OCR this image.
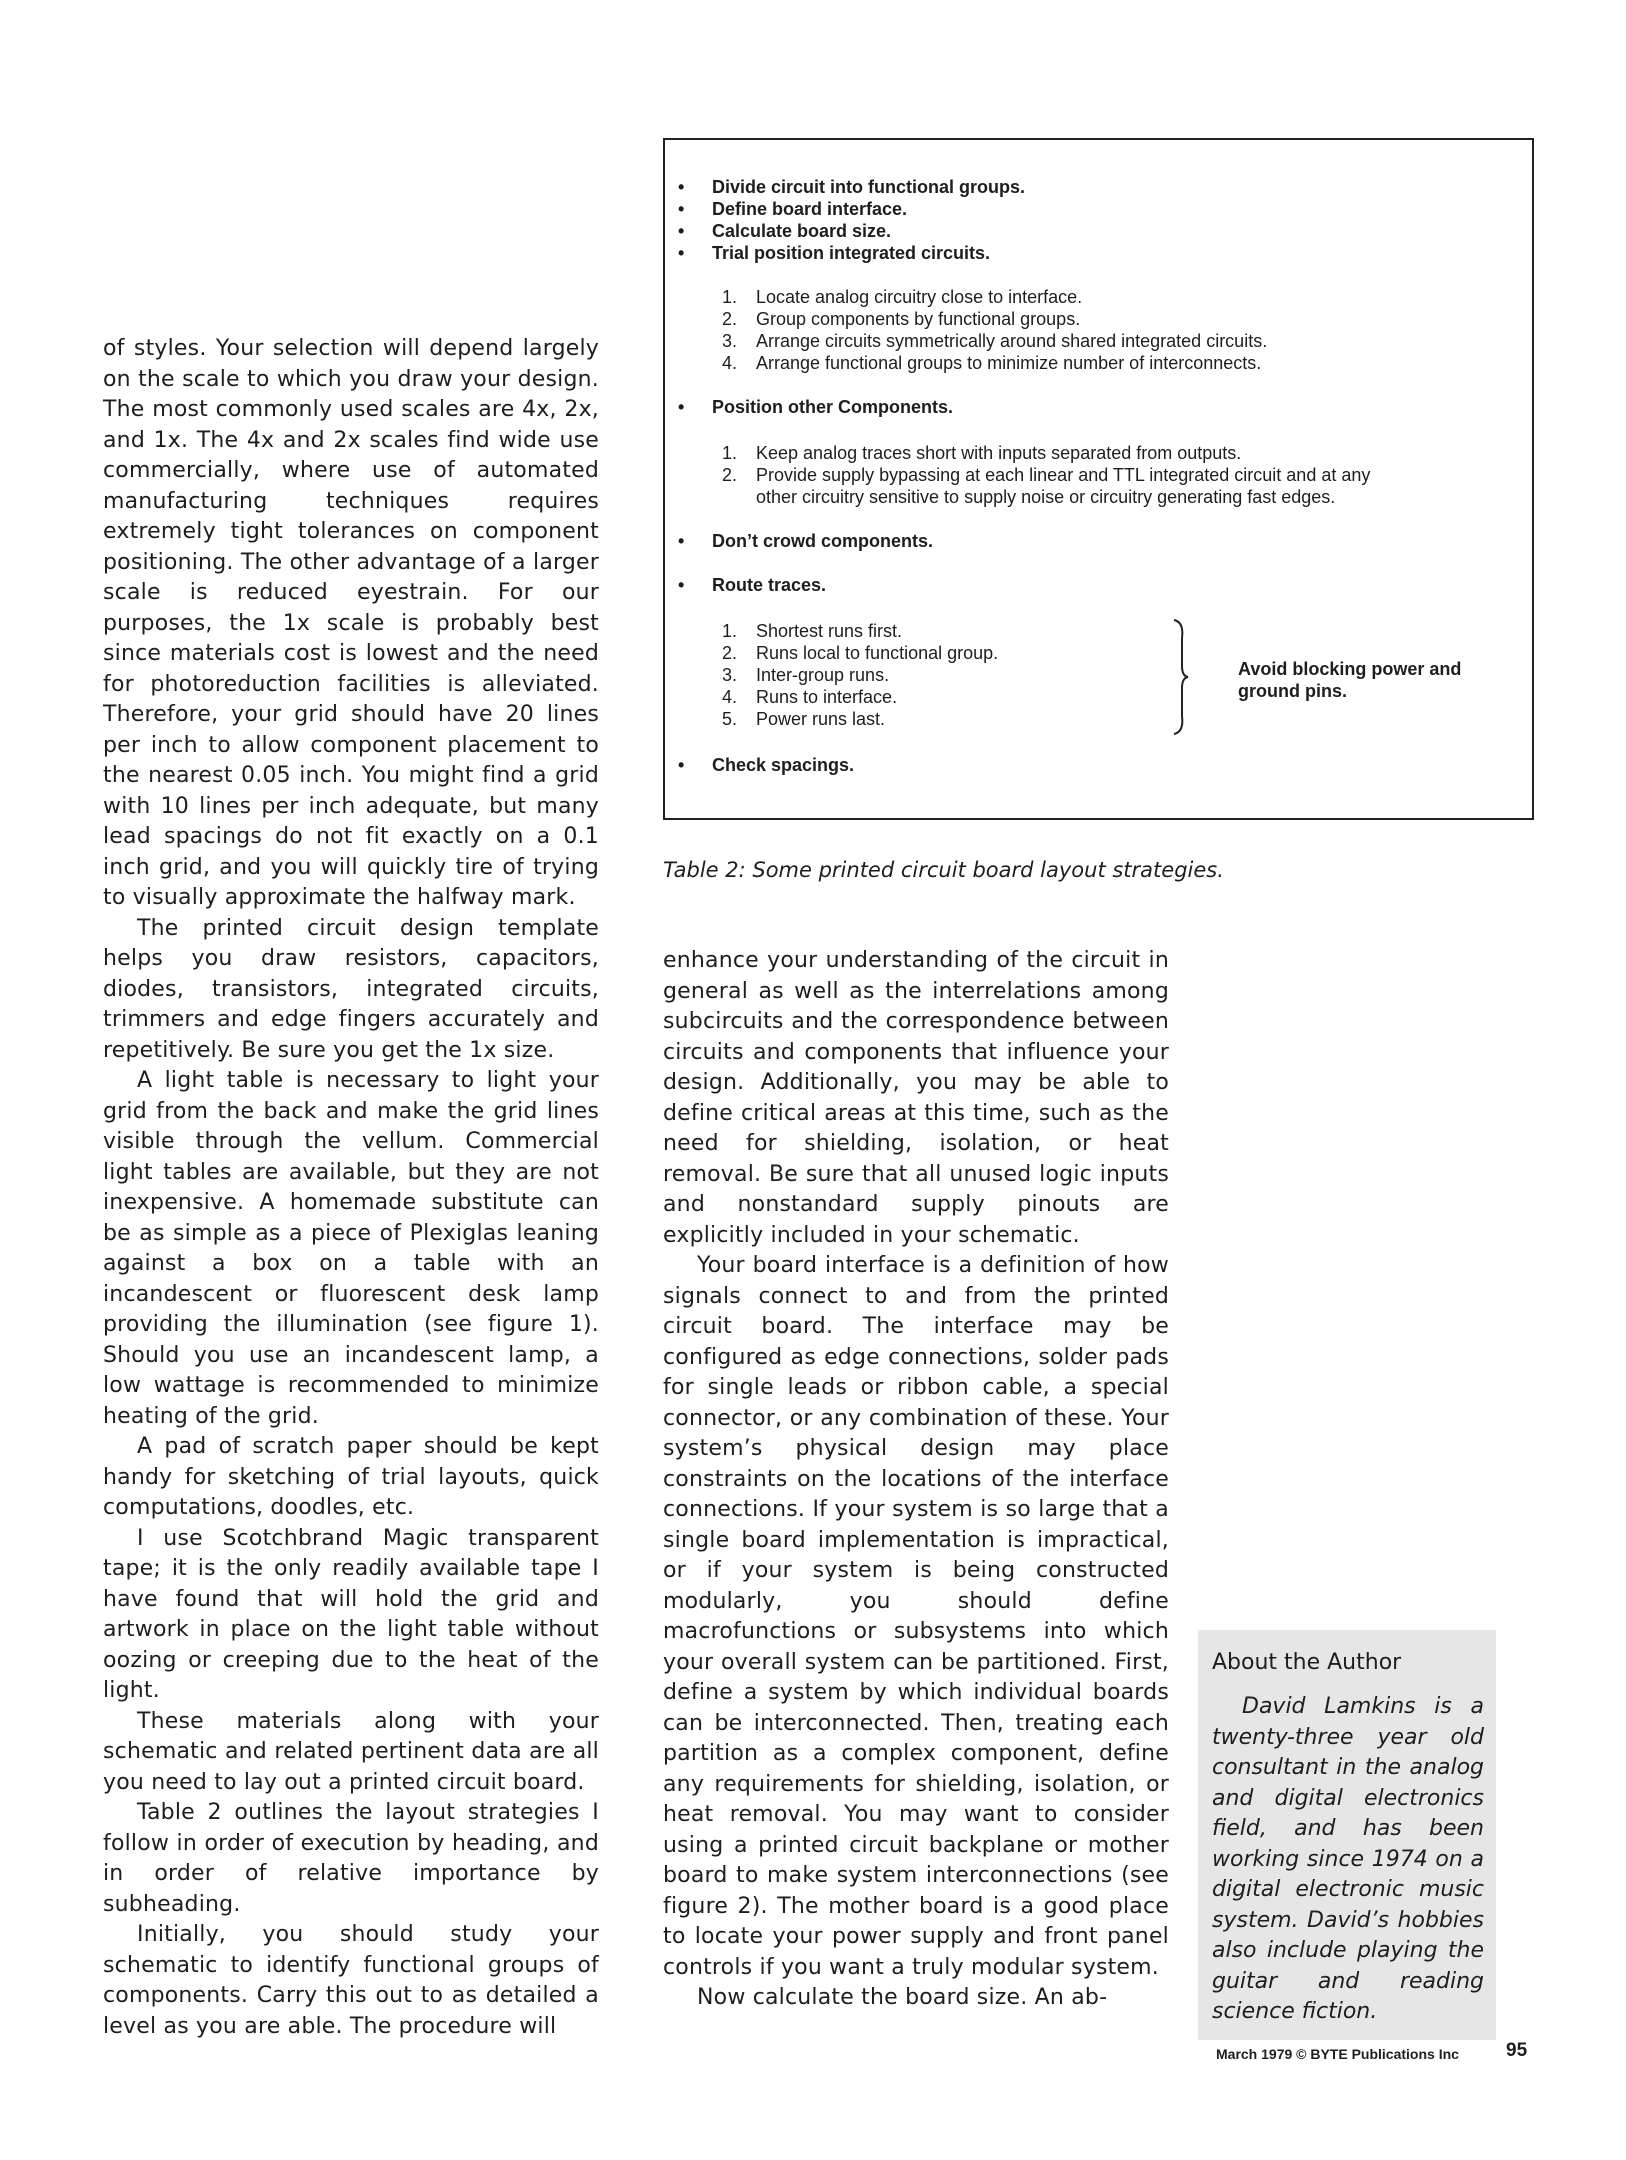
of styles. Your selection will depend largely on the scale to which you draw your design. The most commonly used scales are 4x, 2x, and 1x. The 4x and 2x scales find wide use commercially, where use of automated manufacturing techniques requires extremely tight tolerances on component positioning. The other advantage of a larger scale is reduced eyestrain. For our purposes, the 1x scale is probably best since materials cost is lowest and the need for photoreduction facilities is alleviated. Therefore, your grid should have 20 lines per inch to allow component placement to the nearest 0.05 inch. You might find a grid with 10 lines per inch adequate, but many lead spacings do not fit exactly on a 0.1 inch grid, and you will quickly tire of trying to visually approximate the halfway mark.

The printed circuit design template helps you draw resistors, capacitors, diodes, transistors, integrated circuits, trimmers and edge fingers accurately and repetitively. Be sure you get the 1x size.

A light table is necessary to light your grid from the back and make the grid lines visible through the vellum. Commercial light tables are available, but they are not inexpensive. A homemade substitute can be as simple as a piece of Plexiglas leaning against a box on a table with an incandescent or fluorescent desk lamp providing the illumination (see figure 1). Should you use an incandescent lamp, a low wattage is recommended to minimize heating of the grid.

A pad of scratch paper should be kept handy for sketching of trial layouts, quick computations, doodles, etc.

I use Scotchbrand Magic transparent tape; it is the only readily available tape I have found that will hold the grid and artwork in place on the light table without oozing or creeping due to the heat of the light.

These materials along with your schematic and related pertinent data are all you need to lay out a printed circuit board.

Table 2 outlines the layout strategies I follow in order of execution by heading, and in order of relative importance by subheading.

Initially, you should study your schematic to identify functional groups of components. Carry this out to as detailed a level as you are able. The procedure will

• Divide circuit into functional groups.
• Define board interface.
• Calculate board size.
• Trial position integrated circuits.
1. Locate analog circuitry close to interface.
2. Group components by functional groups.
3. Arrange circuits symmetrically around shared integrated circuits.
4. Arrange functional groups to minimize number of interconnects.
• Position other Components.
1. Keep analog traces short with inputs separated from outputs.
2. Provide supply bypassing at each linear and TTL integrated circuit and at any
other circuitry sensitive to supply noise or circuitry generating fast edges.
• Don’t crowd components.
• Route traces.
1. Shortest runs first.
2. Runs local to functional group.
3. Inter-group runs.
4. Runs to interface.
5. Power runs last.
Avoid blocking power and
ground pins.
• Check spacings.
Table 2: Some printed circuit board layout strategies.

enhance your understanding of the circuit in general as well as the interrelations among subcircuits and the correspondence between circuits and components that influence your design. Additionally, you may be able to define critical areas at this time, such as the need for shielding, isolation, or heat removal. Be sure that all unused logic inputs and nonstandard supply pinouts are explicitly included in your schematic.

Your board interface is a definition of how signals connect to and from the printed circuit board. The interface may be configured as edge connections, solder pads for single leads or ribbon cable, a special connector, or any combination of these. Your system’s physical design may place constraints on the locations of the interface connections. If your system is so large that a single board implementation is impractical, or if your system is being constructed modularly, you should define macrofunctions or subsystems into which your overall system can be partitioned. First, define a system by which individual boards can be interconnected. Then, treating each partition as a complex component, define any requirements for shielding, isolation, or heat removal. You may want to consider using a printed circuit backplane or mother board to make system interconnections (see figure 2). The mother board is a good place to locate your power supply and front panel controls if you want a truly modular system.

Now calculate the board size. An ab-

About the Author

David Lamkins is a twenty-three year old consultant in the analog and digital electronics field, and has been working since 1974 on a digital electronic music system. David’s hobbies also include playing the guitar and reading science fiction.

March 1979 © BYTE Publications Inc 95
